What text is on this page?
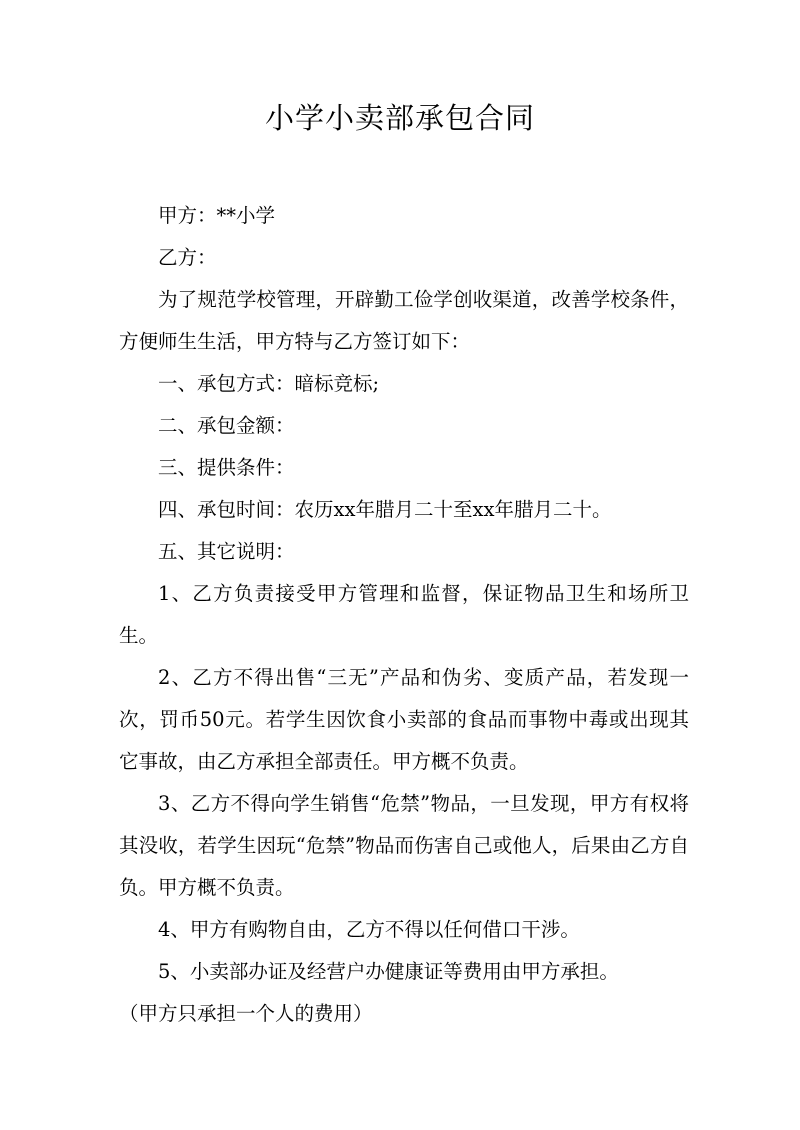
小学小卖部承包合同

甲方：**小学

乙方：

为了规范学校管理，开辟勤工俭学创收渠道，改善学校条件，方便师生生活，甲方特与乙方签订如下：

一、承包方式：暗标竞标;

二、承包金额：

三、提供条件：

四、承包时间：农历xx年腊月二十至xx年腊月二十。

五、其它说明：

1、乙方负责接受甲方管理和监督，保证物品卫生和场所卫生。

2、乙方不得出售“三无”产品和伪劣、变质产品，若发现一次，罚币50元。若学生因饮食小卖部的食品而事物中毒或出现其它事故，由乙方承担全部责任。甲方概不负责。

3、乙方不得向学生销售“危禁”物品，一旦发现，甲方有权将其没收，若学生因玩“危禁”物品而伤害自己或他人，后果由乙方自负。甲方概不负责。

4、甲方有购物自由，乙方不得以任何借口干涉。

5、小卖部办证及经营户办健康证等费用由甲方承担。

（甲方只承担一个人的费用）
